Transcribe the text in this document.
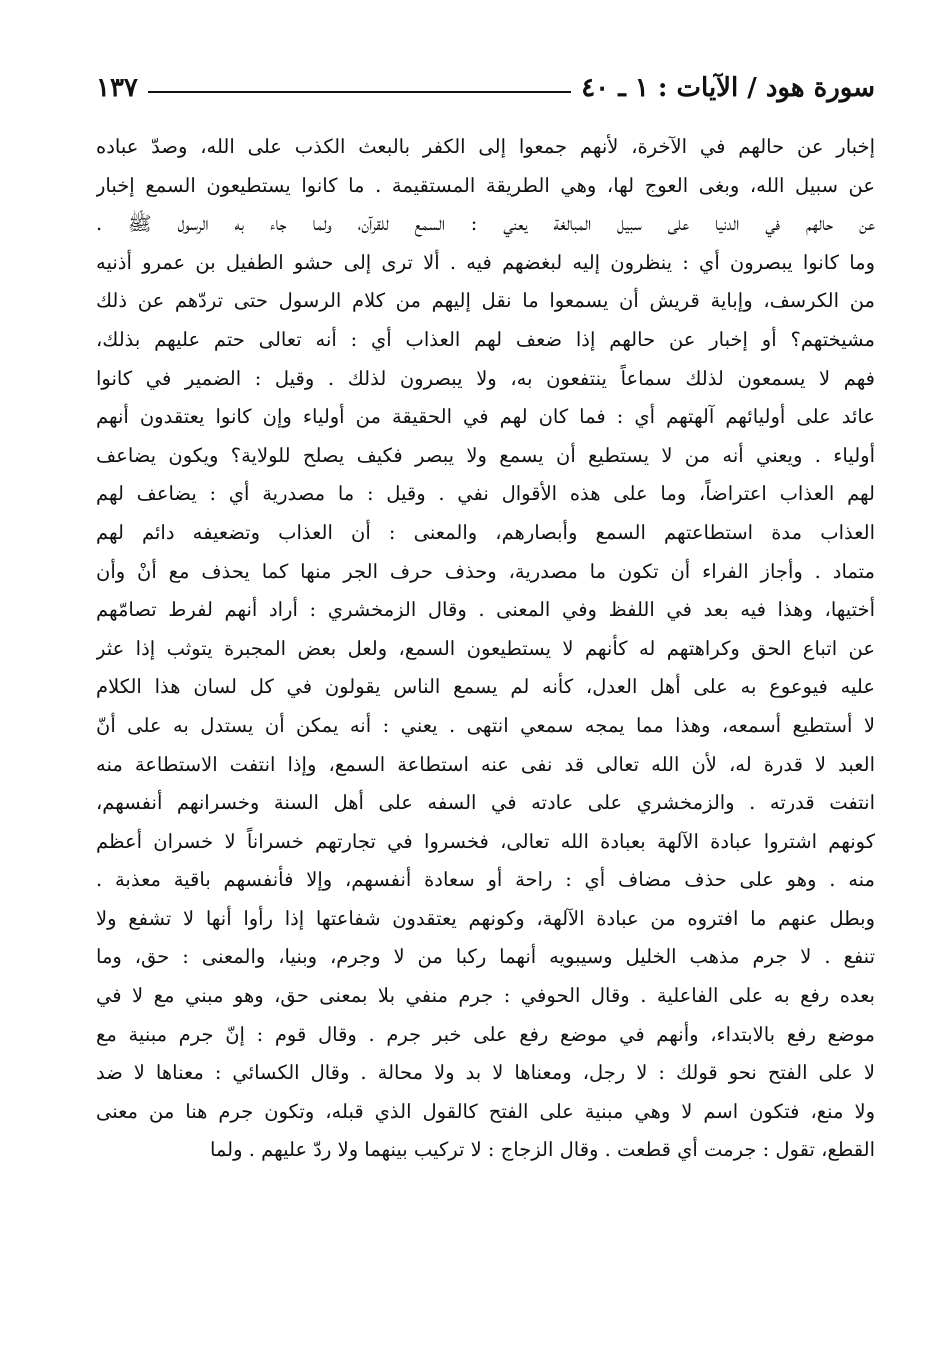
سورة هود / الآيات : ١ ـ ٤٠
١٣٧
إخبار عن حالهم في الآخرة، لأنهم جمعوا إلى الكفر بالبعث الكذب على الله، وصدّ عباده
عن سبيل الله، وبغى العوج لها، وهي الطريقة المستقيمة . ما كانوا يستطيعون السمع إخبار
عن حالهم في الدنيا على سبيل المبالغة يعني : السمع للقرآن، ولما جاء به الرسول ﷺ .
وما كانوا يبصرون أي : ينظرون إليه لبغضهم فيه . ألا ترى إلى حشو الطفيل بن عمرو أذنيه
من الكرسف، وإباية قريش أن يسمعوا ما نقل إليهم من كلام الرسول حتى تردّهم عن ذلك
مشيختهم؟ أو إخبار عن حالهم إذا ضعف لهم العذاب أي : أنه تعالى حتم عليهم بذلك،
فهم لا يسمعون لذلك سماعاً ينتفعون به، ولا يبصرون لذلك . وقيل : الضمير في كانوا
عائد على أوليائهم آلهتهم أي : فما كان لهم في الحقيقة من أولياء وإن كانوا يعتقدون أنهم
أولياء . ويعني أنه من لا يستطيع أن يسمع ولا يبصر فكيف يصلح للولاية؟ ويكون يضاعف
لهم العذاب اعتراضاً، وما على هذه الأقوال نفي . وقيل : ما مصدرية أي : يضاعف لهم
العذاب مدة استطاعتهم السمع وأبصارهم، والمعنى : أن العذاب وتضعيفه دائم لهم
متماد . وأجاز الفراء أن تكون ما مصدرية، وحذف حرف الجر منها كما يحذف مع أنْ وأن
أختيها، وهذا فيه بعد في اللفظ وفي المعنى . وقال الزمخشري : أراد أنهم لفرط تصامّهم
عن اتباع الحق وكراهتهم له كأنهم لا يستطيعون السمع، ولعل بعض المجبرة يتوثب إذا عثر
عليه فيوعوع به على أهل العدل، كأنه لم يسمع الناس يقولون في كل لسان هذا الكلام
لا أستطيع أسمعه، وهذا مما يمجه سمعي انتهى . يعني : أنه يمكن أن يستدل به على أنّ
العبد لا قدرة له، لأن الله تعالى قد نفى عنه استطاعة السمع، وإذا انتفت الاستطاعة منه
انتفت قدرته . والزمخشري على عادته في السفه على أهل السنة وخسرانهم أنفسهم،
كونهم اشتروا عبادة الآلهة بعبادة الله تعالى، فخسروا في تجارتهم خسراناً لا خسران أعظم
منه . وهو على حذف مضاف أي : راحة أو سعادة أنفسهم، وإلا فأنفسهم باقية معذبة .
وبطل عنهم ما افتروه من عبادة الآلهة، وكونهم يعتقدون شفاعتها إذا رأوا أنها لا تشفع ولا
تنفع . لا جرم مذهب الخليل وسيبويه أنهما ركبا من لا وجرم، وبنيا، والمعنى : حق، وما
بعده رفع به على الفاعلية . وقال الحوفي : جرم منفي بلا بمعنى حق، وهو مبني مع لا في
موضع رفع بالابتداء، وأنهم في موضع رفع على خبر جرم . وقال قوم : إنّ جرم مبنية مع
لا على الفتح نحو قولك : لا رجل، ومعناها لا بد ولا محالة . وقال الكسائي : معناها لا ضد
ولا منع، فتكون اسم لا وهي مبنية على الفتح كالقول الذي قبله، وتكون جرم هنا من معنى
القطع، تقول : جرمت أي قطعت . وقال الزجاج : لا تركيب بينهما ولا ردّ عليهم . ولما
